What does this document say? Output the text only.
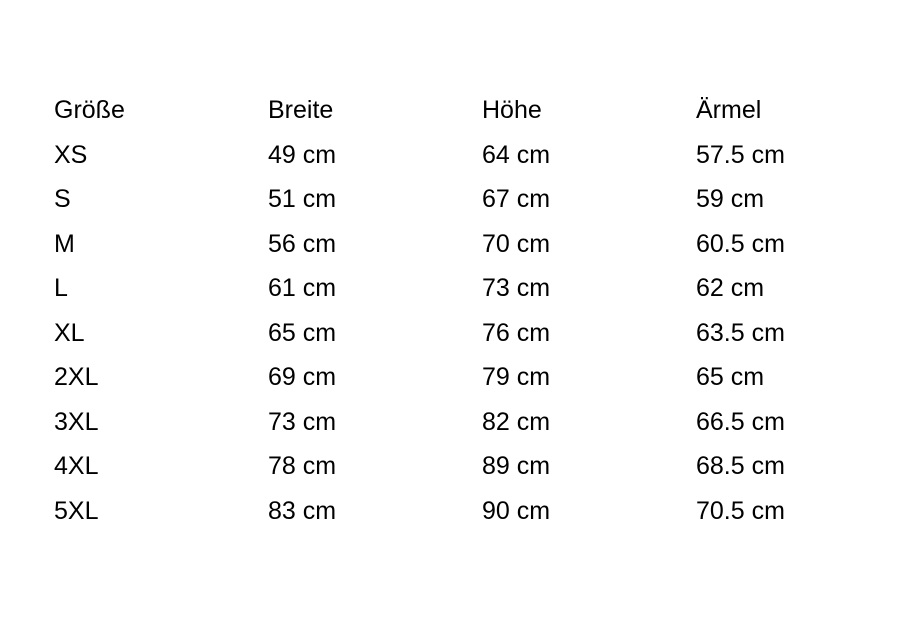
Größe	Breite	Höhe	Ärmel
XS	49 cm	64 cm	57.5 cm
S	51 cm	67 cm	59 cm
M	56 cm	70 cm	60.5 cm
L	61 cm	73 cm	62 cm
XL	65 cm	76 cm	63.5 cm
2XL	69 cm	79 cm	65 cm
3XL	73 cm	82 cm	66.5 cm
4XL	78 cm	89 cm	68.5 cm
5XL	83 cm	90 cm	70.5 cm
